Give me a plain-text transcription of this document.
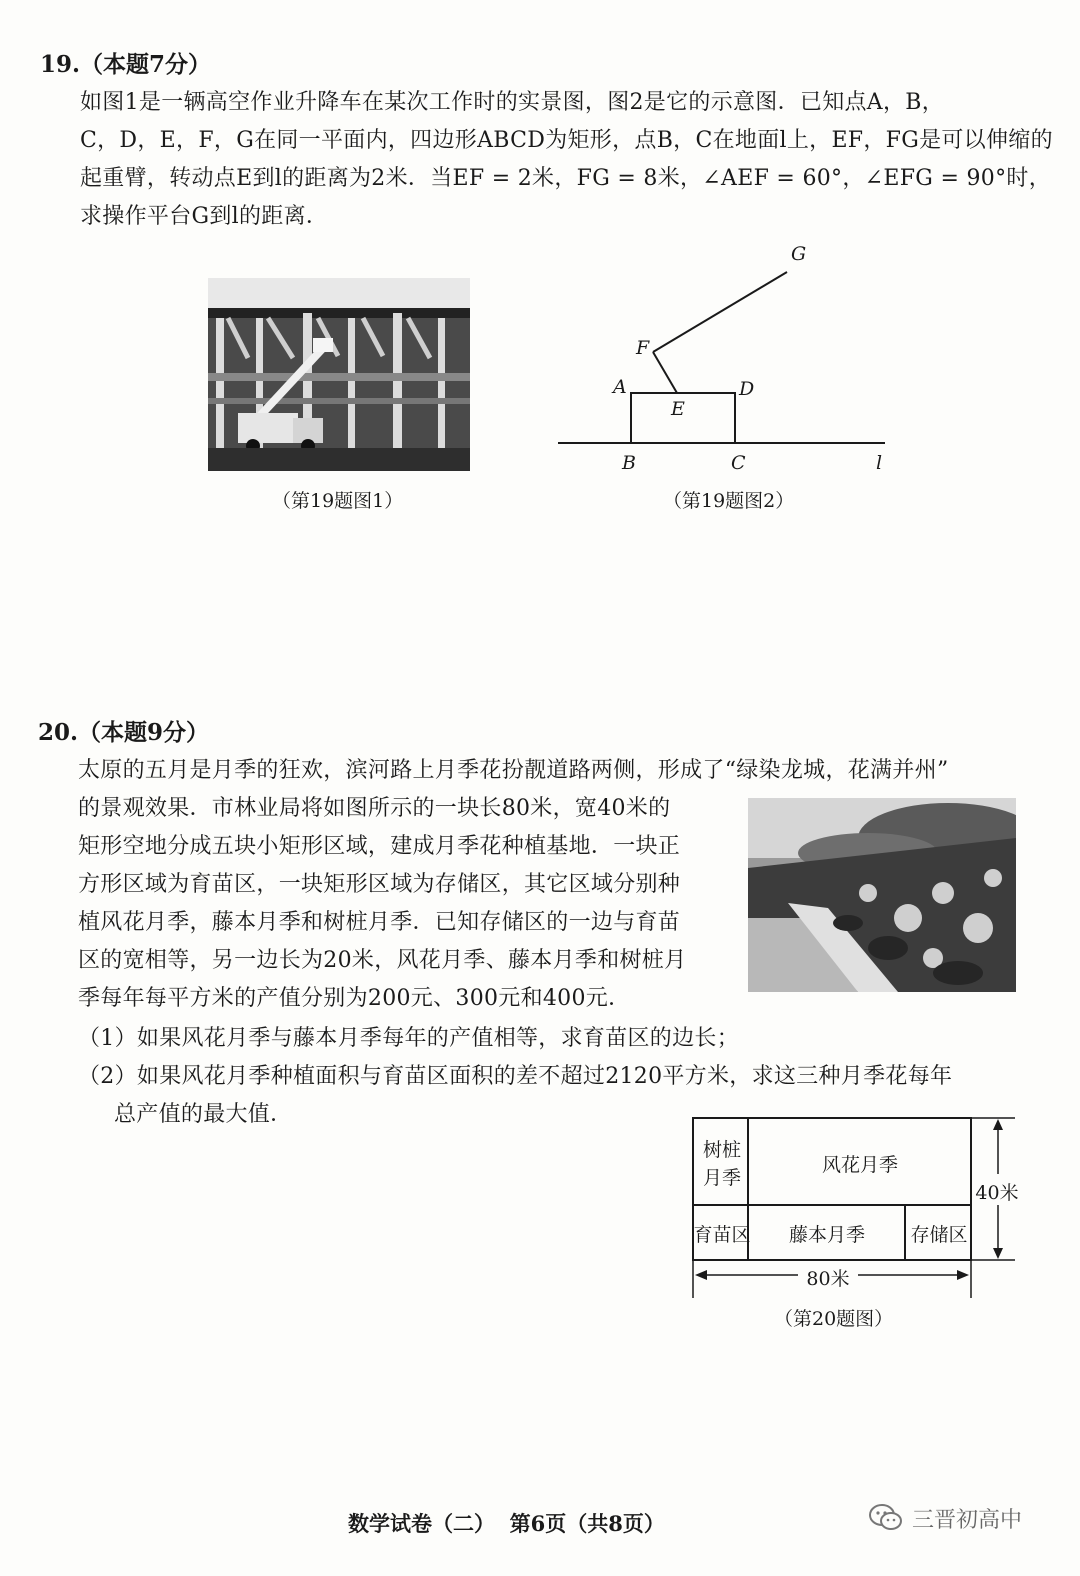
19.（本题7分）
如图1是一辆高空作业升降车在某次工作时的实景图，图2是它的示意图．已知点A，B，
C，D，E，F，G在同一平面内，四边形ABCD为矩形，点B，C在地面l上，EF，FG是可以伸缩的
起重臂，转动点E到l的距离为2米．当EF = 2米，FG = 8米，∠AEF = 60°，∠EFG = 90°时，
求操作平台G到l的距离．
（第19题图1）
G
F
A	D
E
B	C	l
（第19题图2）
20.（本题9分）
太原的五月是月季的狂欢，滨河路上月季花扮靓道路两侧，形成了“绿染龙城，花满并州”
的景观效果．市林业局将如图所示的一块长80米，宽40米的
矩形空地分成五块小矩形区域，建成月季花种植基地．一块正
方形区域为育苗区，一块矩形区域为存储区，其它区域分别种
植风花月季，藤本月季和树桩月季．已知存储区的一边与育苗
区的宽相等，另一边长为20米，风花月季、藤本月季和树桩月
季每年每平方米的产值分别为200元、300元和400元．
（1）如果风花月季与藤本月季每年的产值相等，求育苗区的边长；
（2）如果风花月季种植面积与育苗区面积的差不超过2120平方米，求这三种月季花每年
总产值的最大值．
树桩
月季
风花月季
育苗区	藤本月季	存储区
40米
80米
（第20题图）
数学试卷（二）  第6页（共8页）	三晋初高中
